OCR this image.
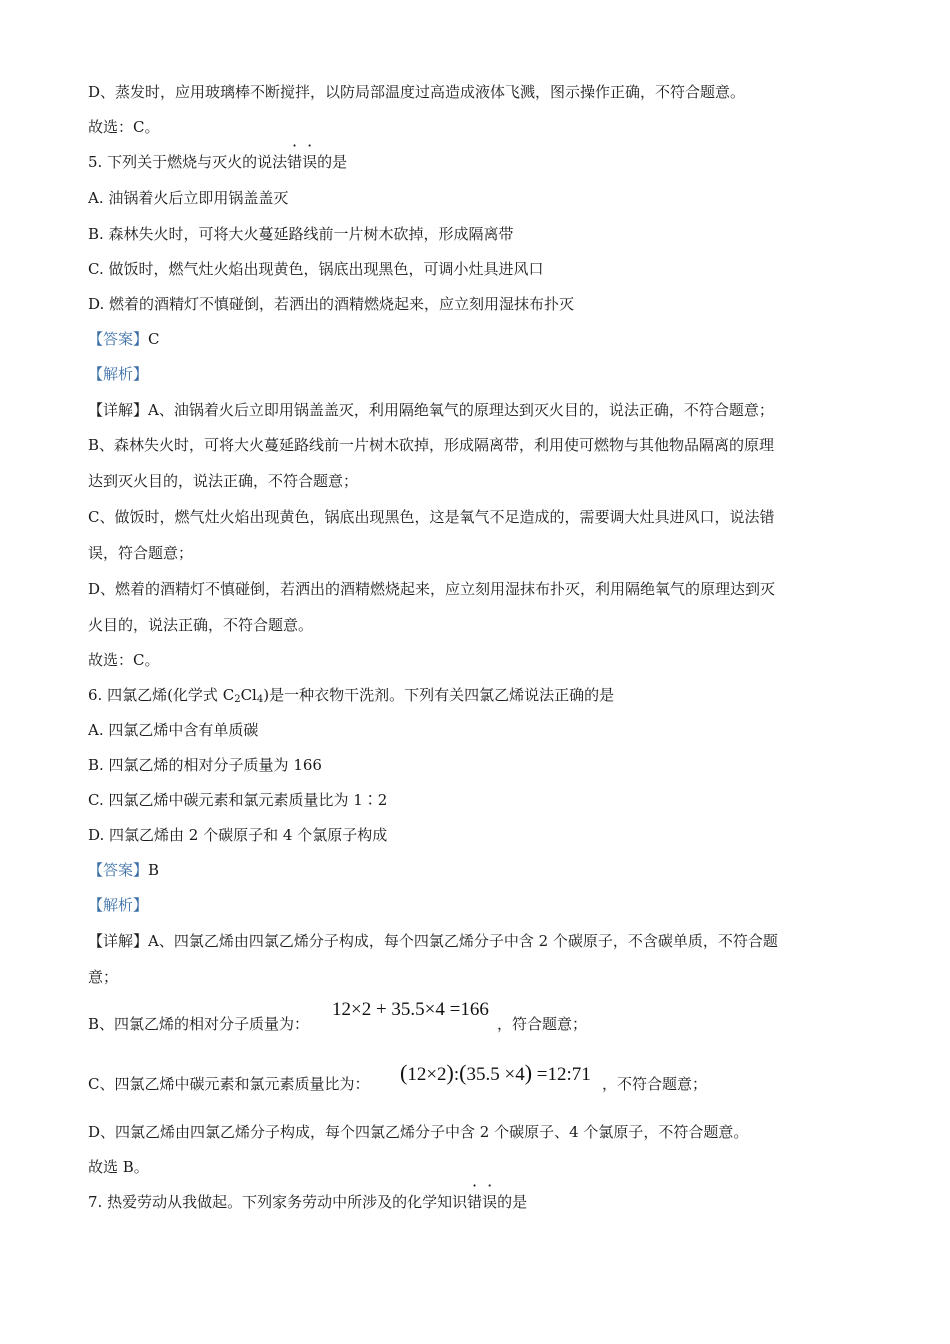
D、蒸发时，应用玻璃棒不断搅拌，以防局部温度过高造成液体飞溅，图示操作正确，不符合题意。
故选：C。
5. 下列关于燃烧与灭火的说法错误的是
A. 油锅着火后立即用锅盖盖灭
B. 森林失火时，可将大火蔓延路线前一片树木砍掉，形成隔离带
C. 做饭时，燃气灶火焰出现黄色，锅底出现黑色，可调小灶具进风口
D. 燃着的酒精灯不慎碰倒，若洒出的酒精燃烧起来，应立刻用湿抹布扑灭
【答案】C
【解析】
【详解】A、油锅着火后立即用锅盖盖灭，利用隔绝氧气的原理达到灭火目的，说法正确，不符合题意；
B、森林失火时，可将大火蔓延路线前一片树木砍掉，形成隔离带，利用使可燃物与其他物品隔离的原理
达到灭火目的，说法正确，不符合题意；
C、做饭时，燃气灶火焰出现黄色，锅底出现黑色，这是氧气不足造成的，需要调大灶具进风口，说法错
误，符合题意；
D、燃着的酒精灯不慎碰倒，若洒出的酒精燃烧起来，应立刻用湿抹布扑灭，利用隔绝氧气的原理达到灭
火目的，说法正确，不符合题意。
故选：C。
6. 四氯乙烯(化学式 $C_2Cl_4$)是一种衣物干洗剂。下列有关四氯乙烯说法正确的是
A. 四氯乙烯中含有单质碳
B. 四氯乙烯的相对分子质量为 166
C. 四氯乙烯中碳元素和氯元素质量比为 1∶2
D. 四氯乙烯由 2 个碳原子和 4 个氯原子构成
【答案】B
【解析】
【详解】A、四氯乙烯由四氯乙烯分子构成，每个四氯乙烯分子中含 2 个碳原子，不含碳单质，不符合题
意；
B、四氯乙烯的相对分子质量为：
12×2 + 35.5×4 =166
，符合题意；
C、四氯乙烯中碳元素和氯元素质量比为： (12×2):(35.5 ×4) =12:71 ，不符合题意；
D、四氯乙烯由四氯乙烯分子构成，每个四氯乙烯分子中含 2 个碳原子、4 个氯原子，不符合题意。
故选 B。
7. 热爱劳动从我做起。下列家务劳动中所涉及的化学知识错误的是
